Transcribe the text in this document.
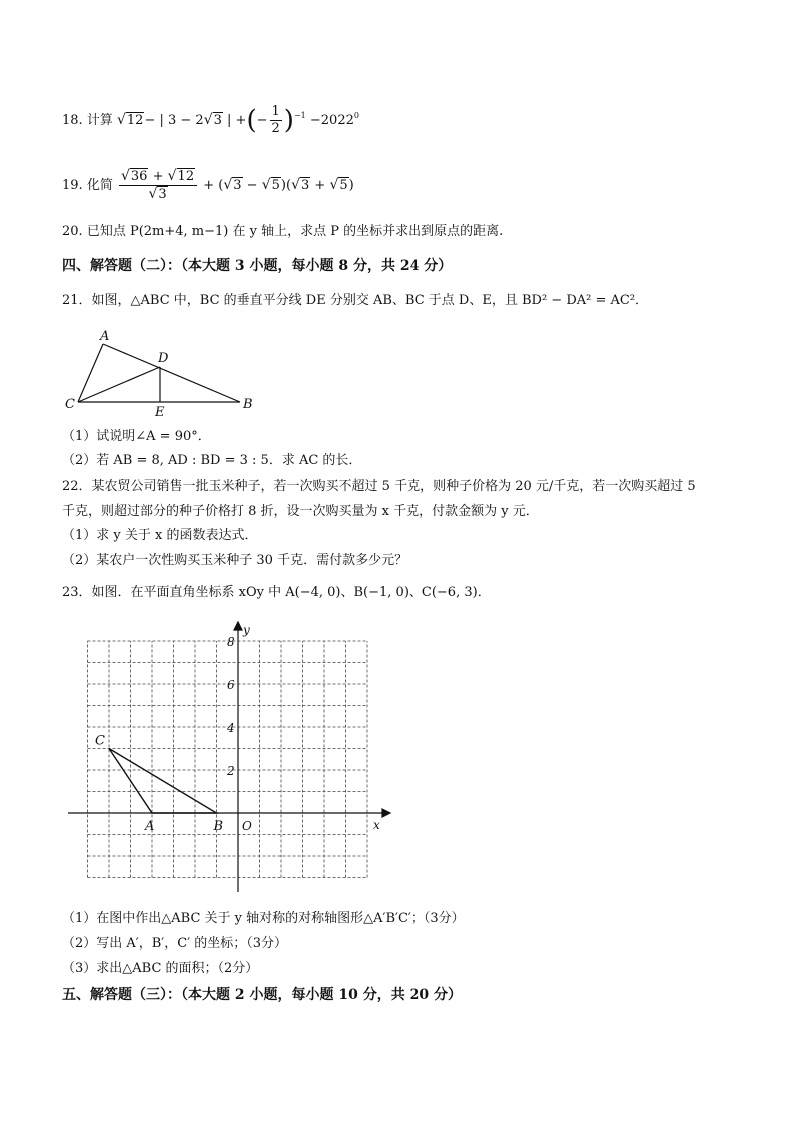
18. 计算 √12− | 3 − 2√3 | +(− $\frac{1}{2} )^{-1} -2022^0$
19. 化简 $\frac{√36 + √12}{√3} + (√3 - √5)(√3 + √5)$
20. 已知点 P(2m+4, m−1) 在 y 轴上，求点 P 的坐标并求出到原点的距离.
四、解答题（二）：（本大题 3 小题，每小题 8 分，共 24 分）
21．如图，△ABC 中，BC 的垂直平分线 DE 分别交 AB、BC 于点 D、E，且 BD² − DA² = AC²．
A
D
C
E
B
（1）试说明∠A = 90°．
（2）若 AB = 8, AD : BD = 3 : 5．求 AC 的长．
22．某农贸公司销售一批玉米种子，若一次购买不超过 5 千克，则种子价格为 20 元/千克，若一次购买超过 5
千克，则超过部分的种子价格打 8 折，设一次购买量为 x 千克，付款金额为 y 元．
（1）求 y 关于 x 的函数表达式．
（2）某农户一次性购买玉米种子 30 千克．需付款多少元？
23．如图．在平面直角坐标系 xOy 中 A(−4, 0)、B(−1, 0)、C(−6, 3)．
8
6
4
2
x
y
O
A	B
C
（1）在图中作出△ABC 关于 y 轴对称的对称轴图形△A′B′C′；（3分）
（2）写出 A′，B′，C′ 的坐标；（3分）
（3）求出△ABC 的面积；（2分）
五、解答题（三）：（本大题 2 小题，每小题 10 分，共 20 分）
